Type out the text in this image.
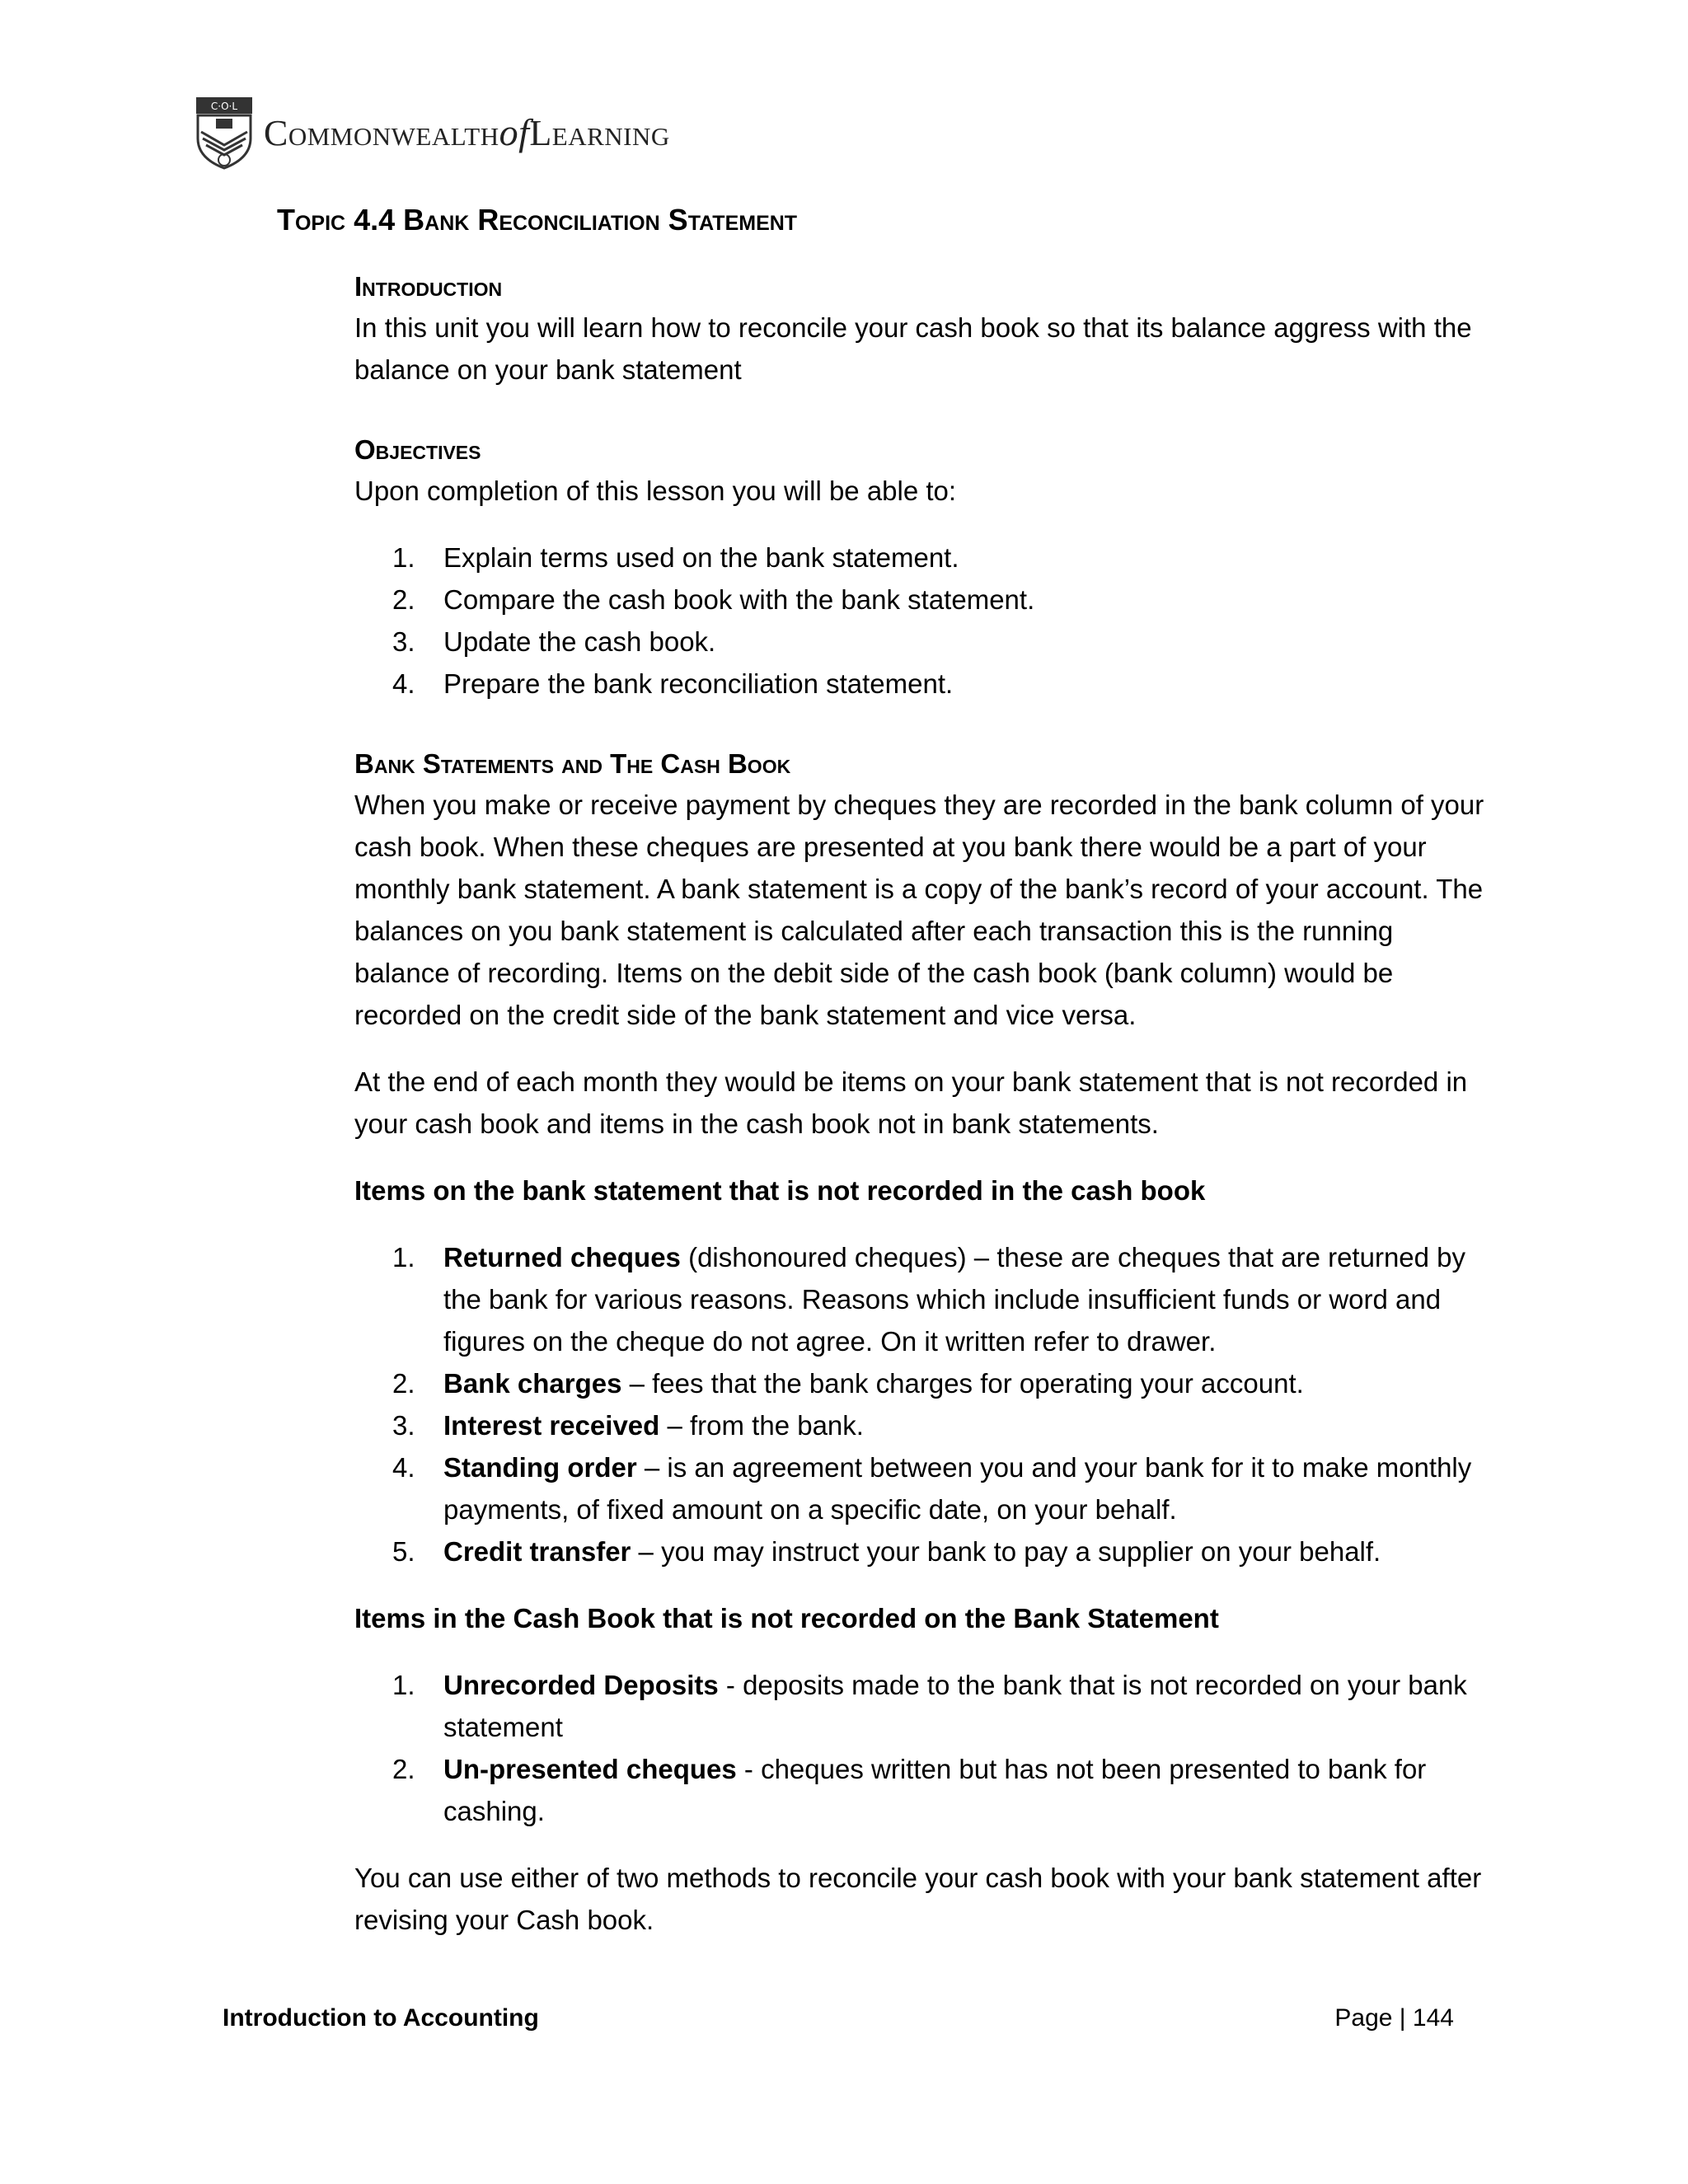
C·O·L
CommonwealthofLearning
Topic 4.4 Bank Reconciliation Statement
Introduction

In this unit you will learn how to reconcile your cash book so that its balance aggress with the balance on your bank statement

Objectives

Upon completion of this lesson you will be able to:

1. Explain terms used on the bank statement.
2. Compare the cash book with the bank statement.
3. Update the cash book.
4. Prepare the bank reconciliation statement.
Bank Statements and The Cash Book

When you make or receive payment by cheques they are recorded in the bank column of your cash book. When these cheques are presented at you bank there would be a part of your monthly bank statement. A bank statement is a copy of the bank’s record of your account. The balances on you bank statement is calculated after each transaction this is the running balance of recording. Items on the debit side of the cash book (bank column) would be recorded on the credit side of the bank statement and vice versa.

At the end of each month they would be items on your bank statement that is not recorded in your cash book and items in the cash book not in bank statements.

Items on the bank statement that is not recorded in the cash book

1. Returned cheques (dishonoured cheques) – these are cheques that are returned by the bank for various reasons. Reasons which include insufficient funds or word and figures on the cheque do not agree. On it written refer to drawer.
2. Bank charges – fees that the bank charges for operating your account.
3. Interest received – from the bank.
4. Standing order – is an agreement between you and your bank for it to make monthly payments, of fixed amount on a specific date, on your behalf.
5. Credit transfer – you may instruct your bank to pay a supplier on your behalf.

Items in the Cash Book that is not recorded on the Bank Statement

1. Unrecorded Deposits - deposits made to the bank that is not recorded on your bank statement
2. Un-presented cheques - cheques written but has not been presented to bank for cashing.

You can use either of two methods to reconcile your cash book with your bank statement after revising your Cash book.

Introduction to Accounting	Page | 144
